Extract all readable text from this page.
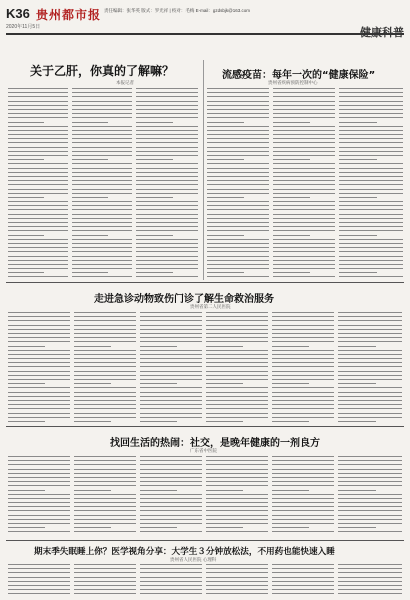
K36 贵州都市报
2020年11月5日
责任编辑：张华英 版式：罗光祥 | 校对：毛梅 E-mail：gzdsbjk@163.com
关于乙肝，你真的了解嘛？
本报记者
流感疫苗：每年一次的“健康保险”
贵州省疾病预防控制中心
走进急诊动物致伤门诊了解生命救治服务
贵州省第二人民医院
找回生活的热闹：社交，是晚年健康的一剂良方
广东省中医院
期末季失眠睡上你？医学视角分享：大学生３分钟放松法，不用药也能快速入睡
贵州省人民医院 心理科
